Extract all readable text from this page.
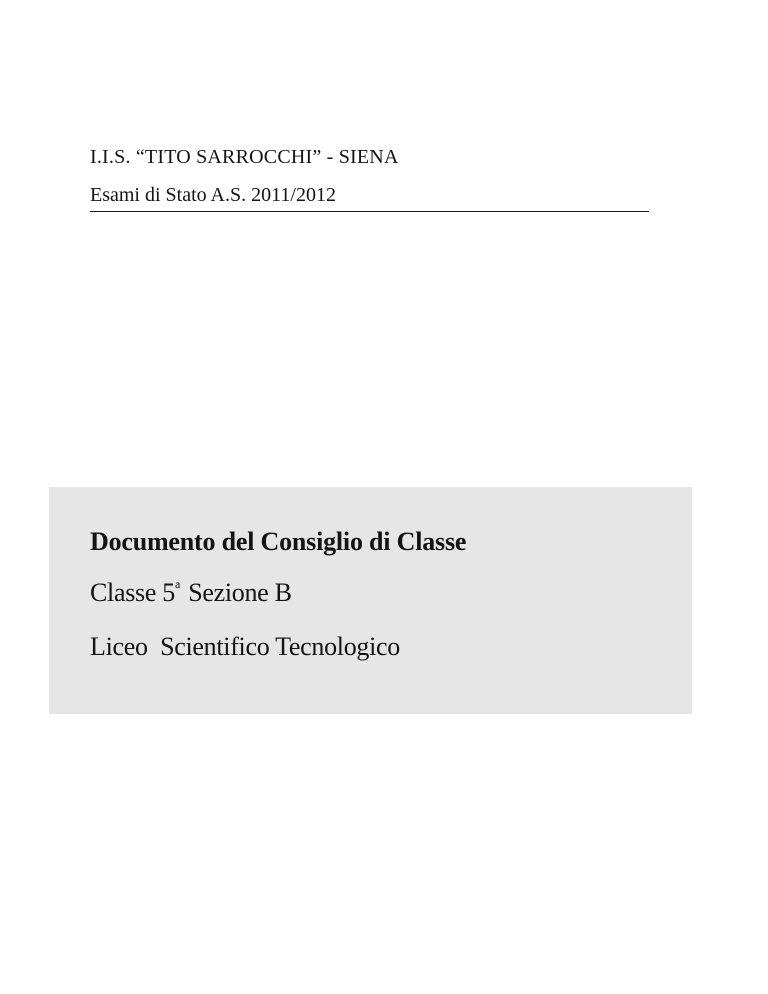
I.I.S. “TITO SARROCCHI” - SIENA
Esami di Stato A.S. 2011/2012
Documento del Consiglio di Classe
Classe 5$^a$ Sezione B
Liceo  Scientifico Tecnologico
